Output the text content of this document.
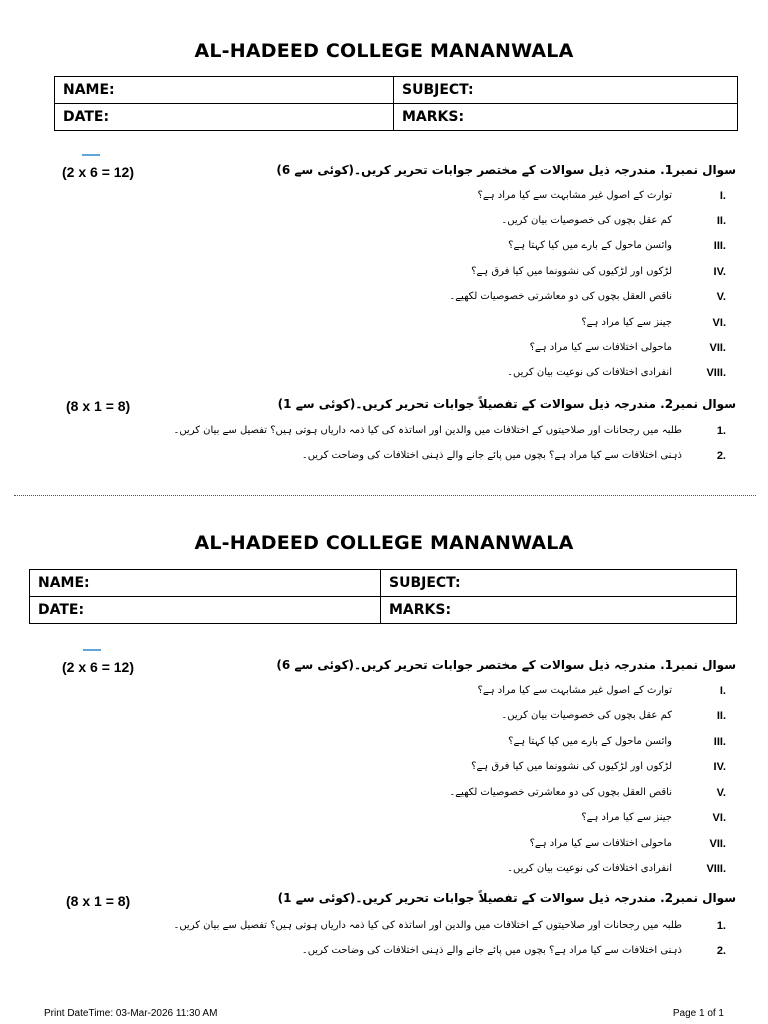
AL-HADEED COLLEGE MANANWALA
NAME:	SUBJECT:
DATE:	MARKS:
(2 x 6 = 12)	سوال نمبر1. مندرجہ ذیل سوالات کے مختصر جوابات تحریر کریں۔(کوئی سے 6)
I.
توارث کے اصول غیر مشابہت سے کیا مراد ہے؟
II.
کم عقل بچوں کی خصوصیات بیان کریں۔
III.
وائسن ماحول کے بارے میں کیا کہتا ہے؟
IV.
لڑکوں اور لڑکیوں کی نشوونما میں کیا فرق ہے؟
V.
ناقص العقل بچوں کی دو معاشرتی خصوصیات لکھیے۔
VI.
جینز سے کیا مراد ہے؟
VII.
ماحولی اختلافات سے کیا مراد ہے؟
VIII.
انفرادی اختلافات کی نوعیت بیان کریں۔
(8 x 1 = 8)	سوال نمبر2. مندرجہ ذیل سوالات کے تفصیلاً جوابات تحریر کریں۔(کوئی سے 1)
1.
طلبہ میں رجحانات اور صلاحیتوں کے اختلافات میں والدین اور اساتذہ کی کیا ذمہ داریاں ہوتی ہیں؟ تفصیل سے بیان کریں۔
2.
ذہنی اختلافات سے کیا مراد ہے؟ بچوں میں پائے جانے والے ذہنی اختلافات کی وضاحت کریں۔
AL-HADEED COLLEGE MANANWALA
NAME:	SUBJECT:
DATE:	MARKS:
(2 x 6 = 12)	سوال نمبر1. مندرجہ ذیل سوالات کے مختصر جوابات تحریر کریں۔(کوئی سے 6)
I.
توارث کے اصول غیر مشابہت سے کیا مراد ہے؟
II.
کم عقل بچوں کی خصوصیات بیان کریں۔
III.
وائسن ماحول کے بارے میں کیا کہتا ہے؟
IV.
لڑکوں اور لڑکیوں کی نشوونما میں کیا فرق ہے؟
V.
ناقص العقل بچوں کی دو معاشرتی خصوصیات لکھیے۔
VI.
جینز سے کیا مراد ہے؟
VII.
ماحولی اختلافات سے کیا مراد ہے؟
VIII.
انفرادی اختلافات کی نوعیت بیان کریں۔
(8 x 1 = 8)	سوال نمبر2. مندرجہ ذیل سوالات کے تفصیلاً جوابات تحریر کریں۔(کوئی سے 1)
1.
طلبہ میں رجحانات اور صلاحیتوں کے اختلافات میں والدین اور اساتذہ کی کیا ذمہ داریاں ہوتی ہیں؟ تفصیل سے بیان کریں۔
2.
ذہنی اختلافات سے کیا مراد ہے؟ بچوں میں پائے جانے والے ذہنی اختلافات کی وضاحت کریں۔
Print DateTime: 03-Mar-2026 11:30 AM	Page 1 of 1
